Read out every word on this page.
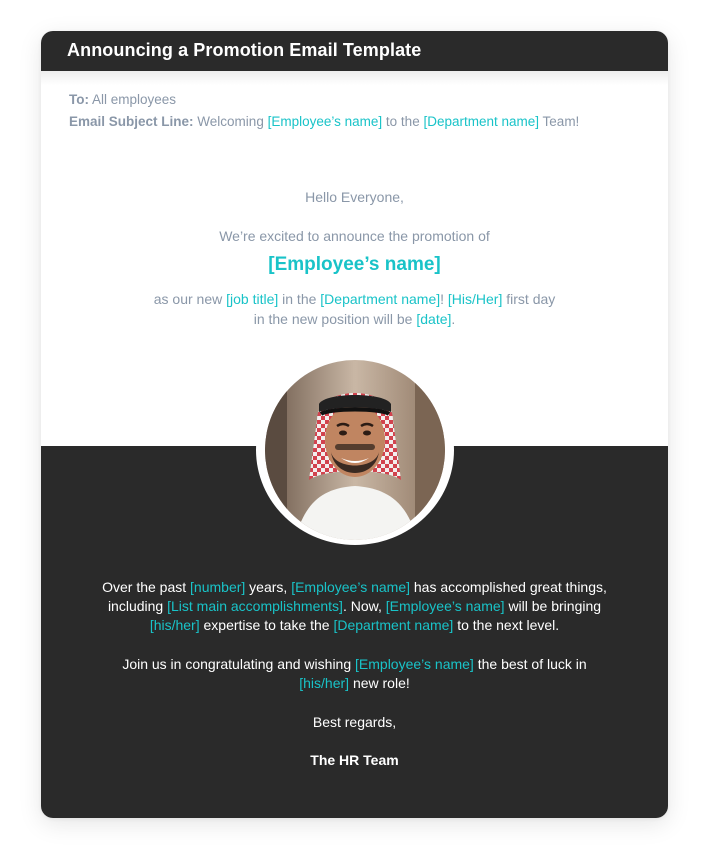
Announcing a Promotion Email Template
To: All employees
Email Subject Line: Welcoming [Employee’s name] to the [Department name] Team!
Hello Everyone,
We’re excited to announce the promotion of
[Employee’s name]
as our new [job title] in the [Department name]! [His/Her] first day in the new position will be [date].
Over the past [number] years, [Employee’s name] has accomplished great things, including [List main accomplishments]. Now, [Employee’s name] will be bringing [his/her] expertise to take the [Department name] to the next level.
Join us in congratulating and wishing [Employee’s name] the best of luck in [his/her] new role!
Best regards,
The HR Team
